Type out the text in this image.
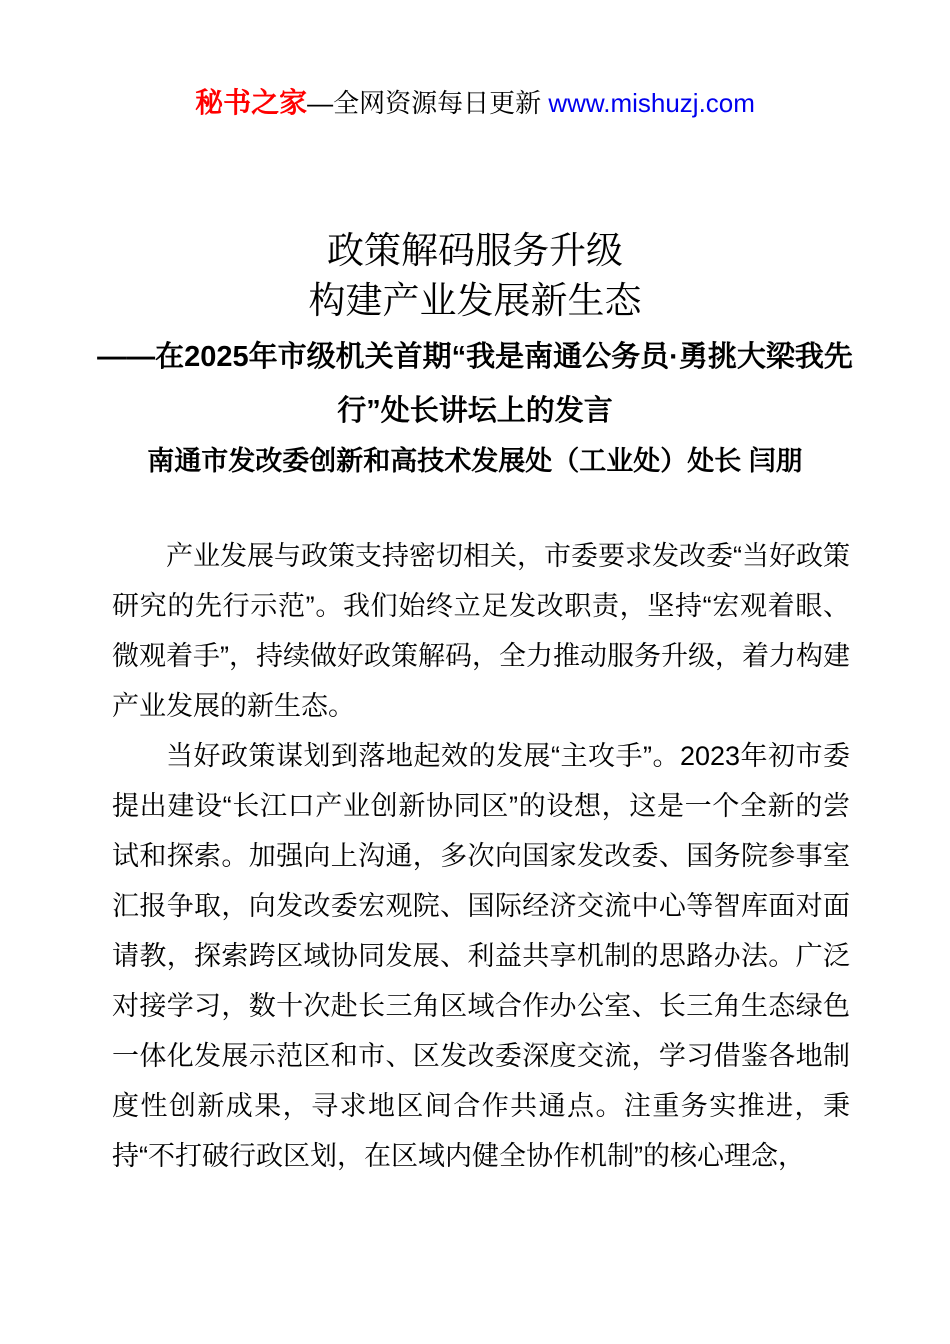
秘书之家—全网资源每日更新 www.mishuzj.com
政策解码服务升级
构建产业发展新生态
——在2025年市级机关首期“我是南通公务员·勇挑大梁我先
行”处长讲坛上的发言
南通市发改委创新和高技术发展处（工业处）处长 闫朋

产业发展与政策支持密切相关，市委要求发改委“当好政策研究的先行示范”。我们始终立足发改职责，坚持“宏观着眼、微观着手”，持续做好政策解码，全力推动服务升级，着力构建产业发展的新生态。

当好政策谋划到落地起效的发展“主攻手”。2023年初市委提出建设“长江口产业创新协同区”的设想，这是一个全新的尝试和探索。加强向上沟通，多次向国家发改委、国务院参事室汇报争取，向发改委宏观院、国际经济交流中心等智库面对面请教，探索跨区域协同发展、利益共享机制的思路办法。广泛对接学习，数十次赴长三角区域合作办公室、长三角生态绿色一体化发展示范区和市、区发改委深度交流，学习借鉴各地制度性创新成果，寻求地区间合作共通点。注重务实推进，秉持“不打破行政区划，在区域内健全协作机制”的核心理念，
